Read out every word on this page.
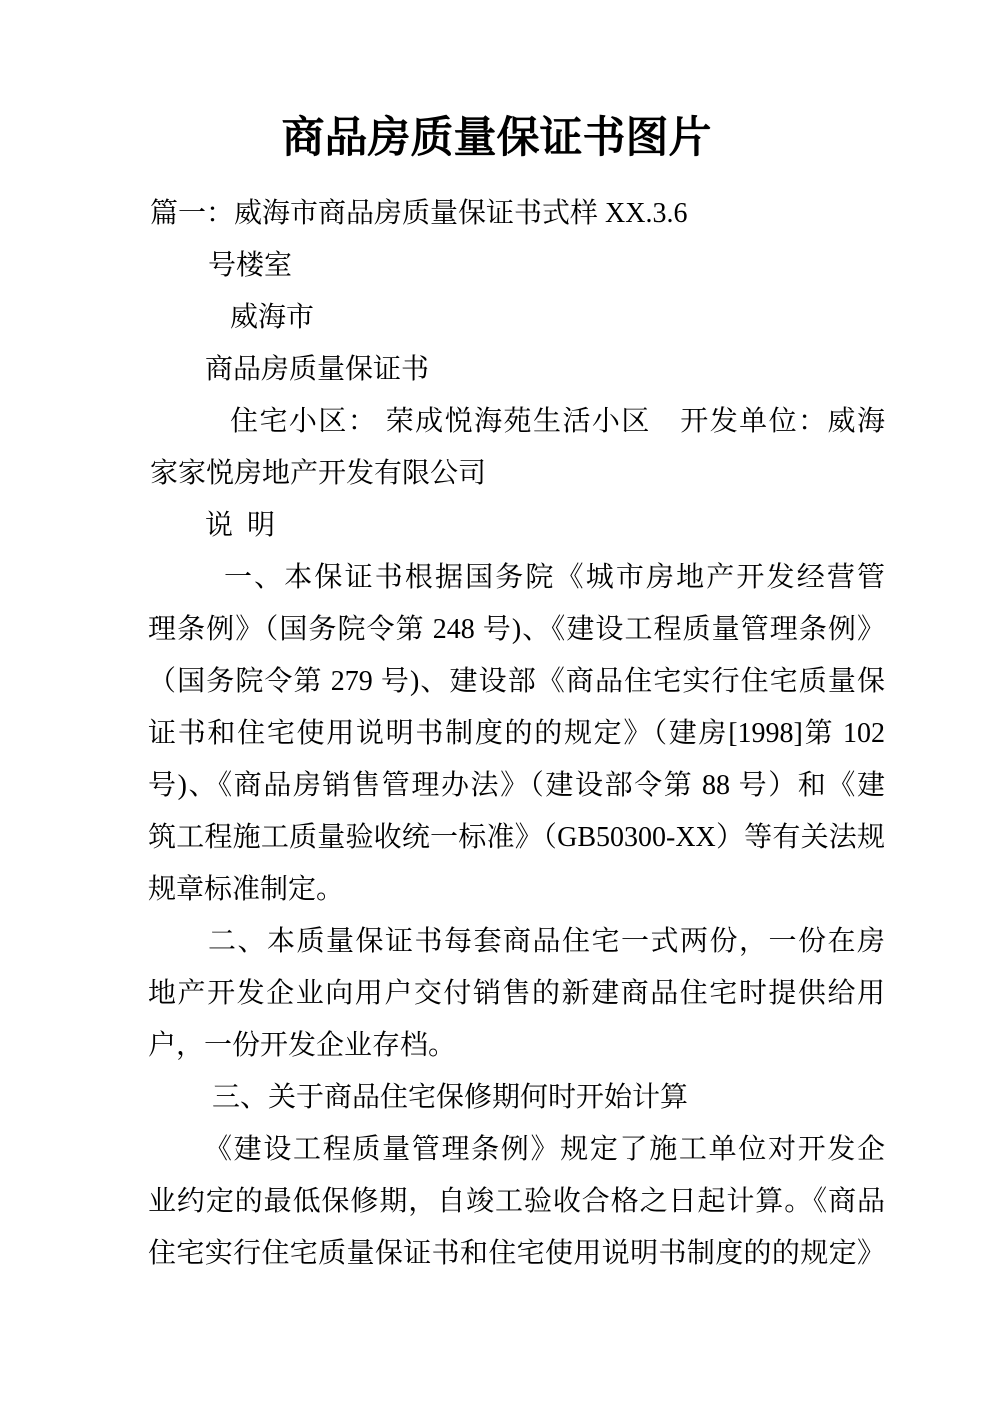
商品房质量保证书图片
篇一：威海市商品房质量保证书式样 XX.3.6
号楼室
威海市
商品房质量保证书
住宅小区： 荣成悦海苑生活小区　开发单位：威海
家家悦房地产开发有限公司
说  明
一、本保证书根据国务院《城市房地产开发经营管
理条例》（国务院令第 248 号)、《建设工程质量管理条例》
（国务院令第 279 号)、建设部《商品住宅实行住宅质量保
证书和住宅使用说明书制度的的规定》（建房[1998]第 102
号)、《商品房销售管理办法》（建设部令第 88 号）和《建
筑工程施工质量验收统一标准》（GB50300-XX）等有关法规
规章标准制定。
二、本质量保证书每套商品住宅一式两份，一份在房
地产开发企业向用户交付销售的新建商品住宅时提供给用
户，一份开发企业存档。
三、关于商品住宅保修期何时开始计算
《建设工程质量管理条例》规定了施工单位对开发企
业约定的最低保修期，自竣工验收合格之日起计算。《商品
住宅实行住宅质量保证书和住宅使用说明书制度的的规定》
